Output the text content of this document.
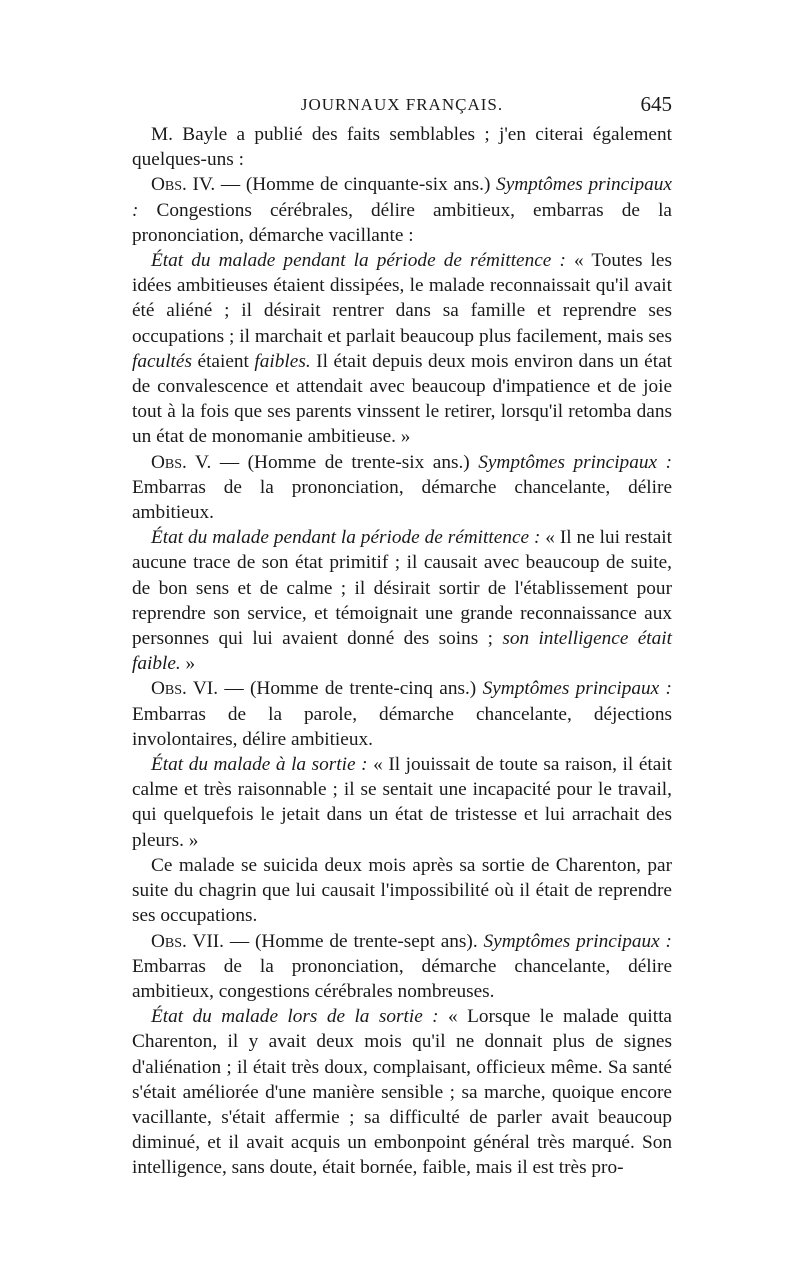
JOURNAUX FRANÇAIS.	645

M. Bayle a publié des faits semblables ; j'en citerai également quelques-uns :

Obs. IV. — (Homme de cinquante-six ans.) Symptômes principaux : Congestions cérébrales, délire ambitieux, embarras de la prononciation, démarche vacillante :

État du malade pendant la période de rémittence : « Toutes les idées ambitieuses étaient dissipées, le malade reconnaissait qu'il avait été aliéné ; il désirait rentrer dans sa famille et reprendre ses occupations ; il marchait et parlait beaucoup plus facilement, mais ses facultés étaient faibles. Il était depuis deux mois environ dans un état de convalescence et attendait avec beaucoup d'impatience et de joie tout à la fois que ses parents vinssent le retirer, lorsqu'il retomba dans un état de monomanie ambitieuse. »

Obs. V. — (Homme de trente-six ans.) Symptômes principaux : Embarras de la prononciation, démarche chancelante, délire ambitieux.

État du malade pendant la période de rémittence : « Il ne lui restait aucune trace de son état primitif ; il causait avec beaucoup de suite, de bon sens et de calme ; il désirait sortir de l'établissement pour reprendre son service, et témoignait une grande reconnaissance aux personnes qui lui avaient donné des soins ; son intelligence était faible. »

Obs. VI. — (Homme de trente-cinq ans.) Symptômes principaux : Embarras de la parole, démarche chancelante, déjections involontaires, délire ambitieux.

État du malade à la sortie : « Il jouissait de toute sa raison, il était calme et très raisonnable ; il se sentait une incapacité pour le travail, qui quelquefois le jetait dans un état de tristesse et lui arrachait des pleurs. »

Ce malade se suicida deux mois après sa sortie de Charenton, par suite du chagrin que lui causait l'impossibilité où il était de reprendre ses occupations.

Obs. VII. — (Homme de trente-sept ans). Symptômes principaux : Embarras de la prononciation, démarche chancelante, délire ambitieux, congestions cérébrales nombreuses.

État du malade lors de la sortie : « Lorsque le malade quitta Charenton, il y avait deux mois qu'il ne donnait plus de signes d'aliénation ; il était très doux, complaisant, officieux même. Sa santé s'était améliorée d'une manière sensible ; sa marche, quoique encore vacillante, s'était affermie ; sa difficulté de parler avait beaucoup diminué, et il avait acquis un embonpoint général très marqué. Son intelligence, sans doute, était bornée, faible, mais il est très pro-
